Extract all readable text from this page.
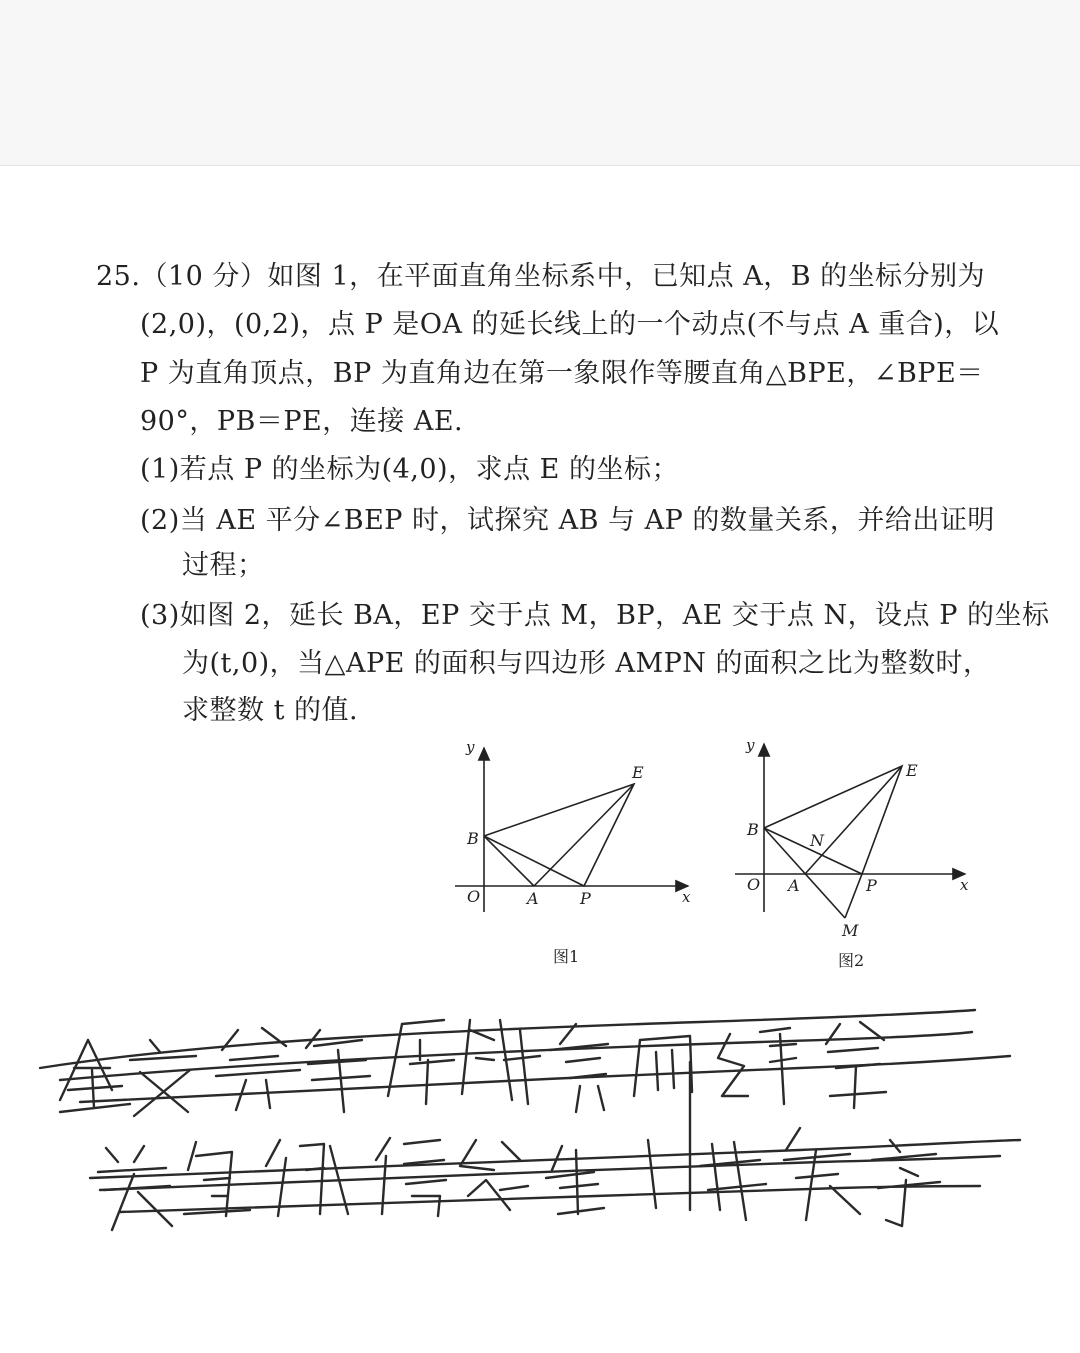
25.（10 分）如图 1，在平面直角坐标系中，已知点 A，B 的坐标分别为
(2,0)，(0,2)，点 P 是OA 的延长线上的一个动点(不与点 A 重合)，以
P 为直角顶点，BP 为直角边在第一象限作等腰直角△BPE，∠BPE＝
90°，PB＝PE，连接 AE.
(1)若点 P 的坐标为(4,0)，求点 E 的坐标；
(2)当 AE 平分∠BEP 时，试探究 AB 与 AP 的数量关系，并给出证明
过程；
(3)如图 2，延长 BA，EP 交于点 M，BP，AE 交于点 N，设点 P 的坐标
为(t,0)，当△APE 的面积与四边形 AMPN 的面积之比为整数时，
求整数 t 的值.
y
x
O
B
A	P
E
图1
y
x
O
B
A	P
E
N
M
图2
